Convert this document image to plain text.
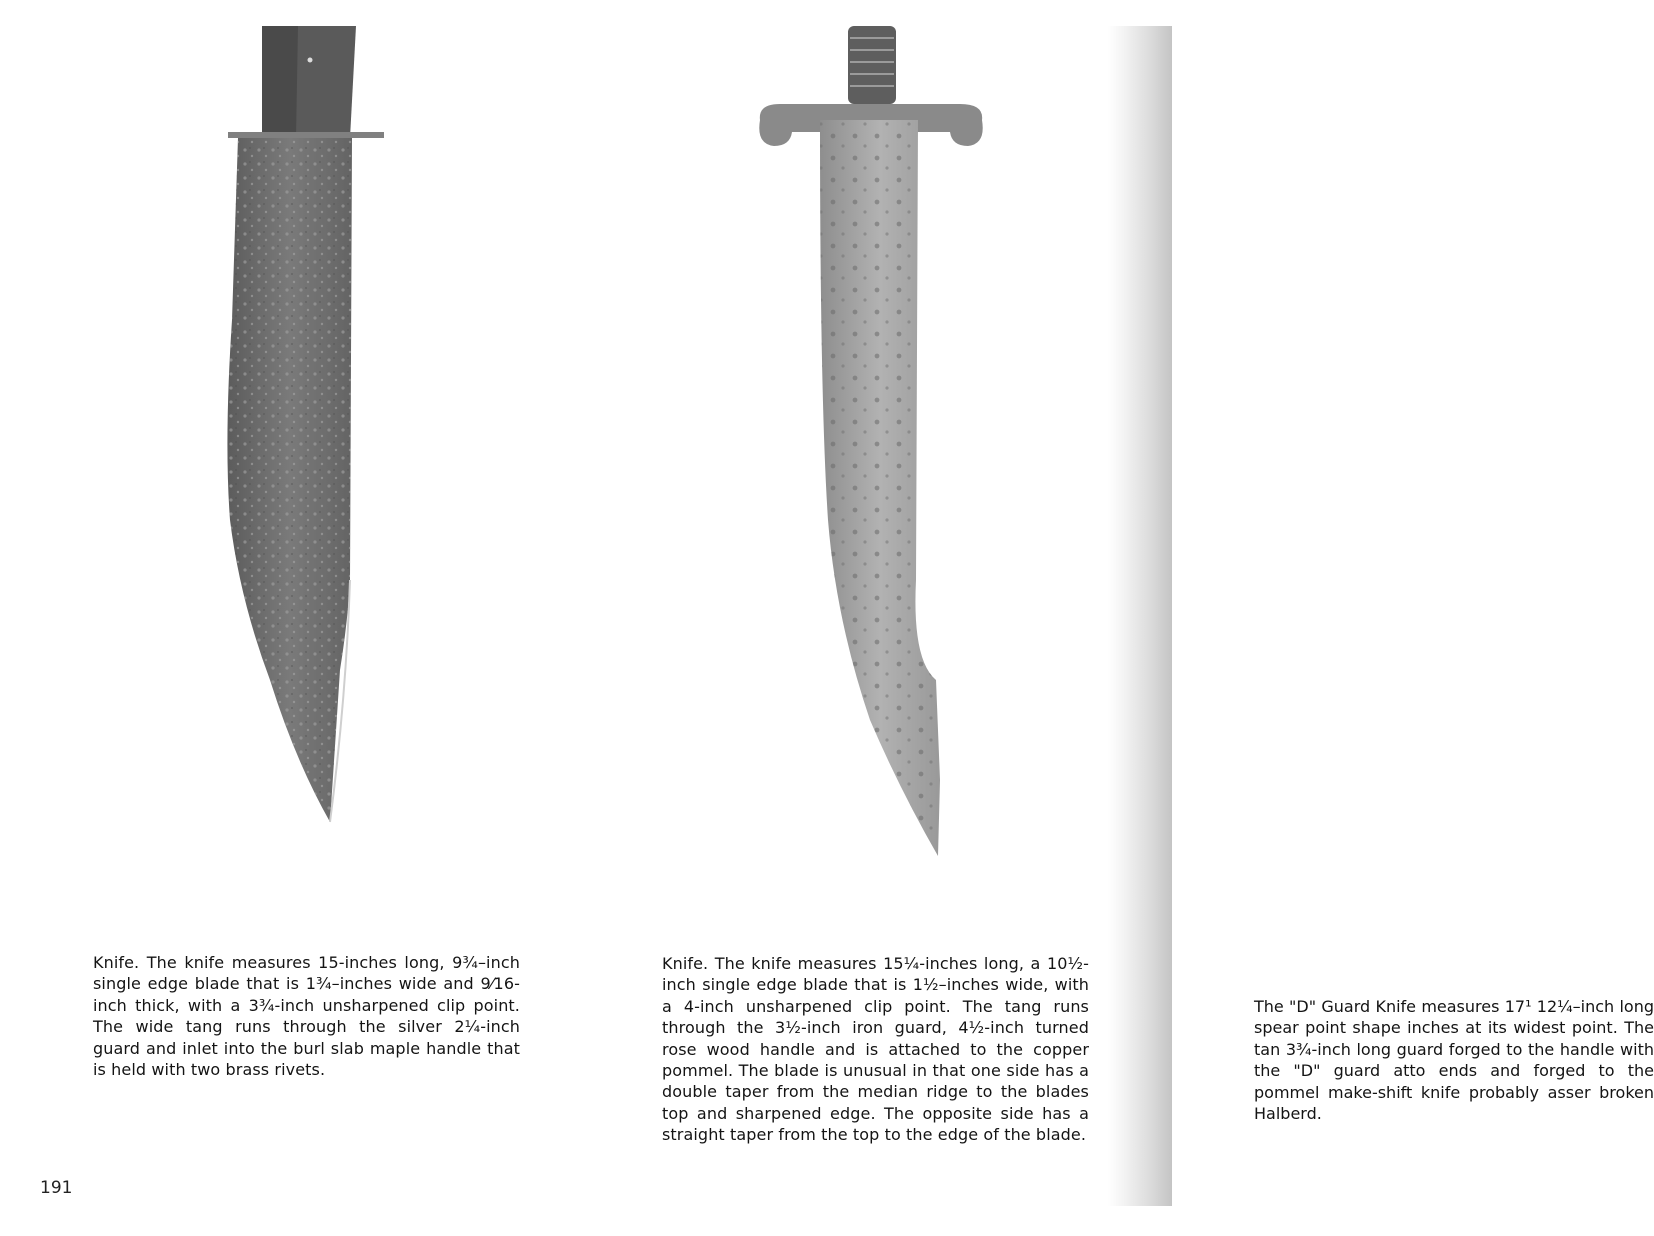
Knife. The knife measures 15-inches long, 9¾–inch single edge blade that is 1¾–inches wide and 9⁄16-inch thick, with a 3¾-inch unsharpened clip point. The wide tang runs through the silver 2¼-inch guard and inlet into the burl slab maple handle that is held with two brass rivets.
Knife. The knife measures 15¼-inches long, a 10½-inch single edge blade that is 1½–inches wide, with a 4-inch unsharpened clip point. The tang runs through the 3½-inch iron guard, 4½-inch turned rose wood handle and is attached to the copper pommel. The blade is unusual in that one side has a double taper from the median ridge to the blades top and sharpened edge. The opposite side has a straight taper from the top to the edge of the blade.
The "D" Guard Knife measures 17¹ 12¼–inch long spear point shape inches at its widest point. The tan 3¾-inch long guard forged to the handle with the "D" guard atto ends and forged to the pommel make-shift knife probably asser broken Halberd.
191
